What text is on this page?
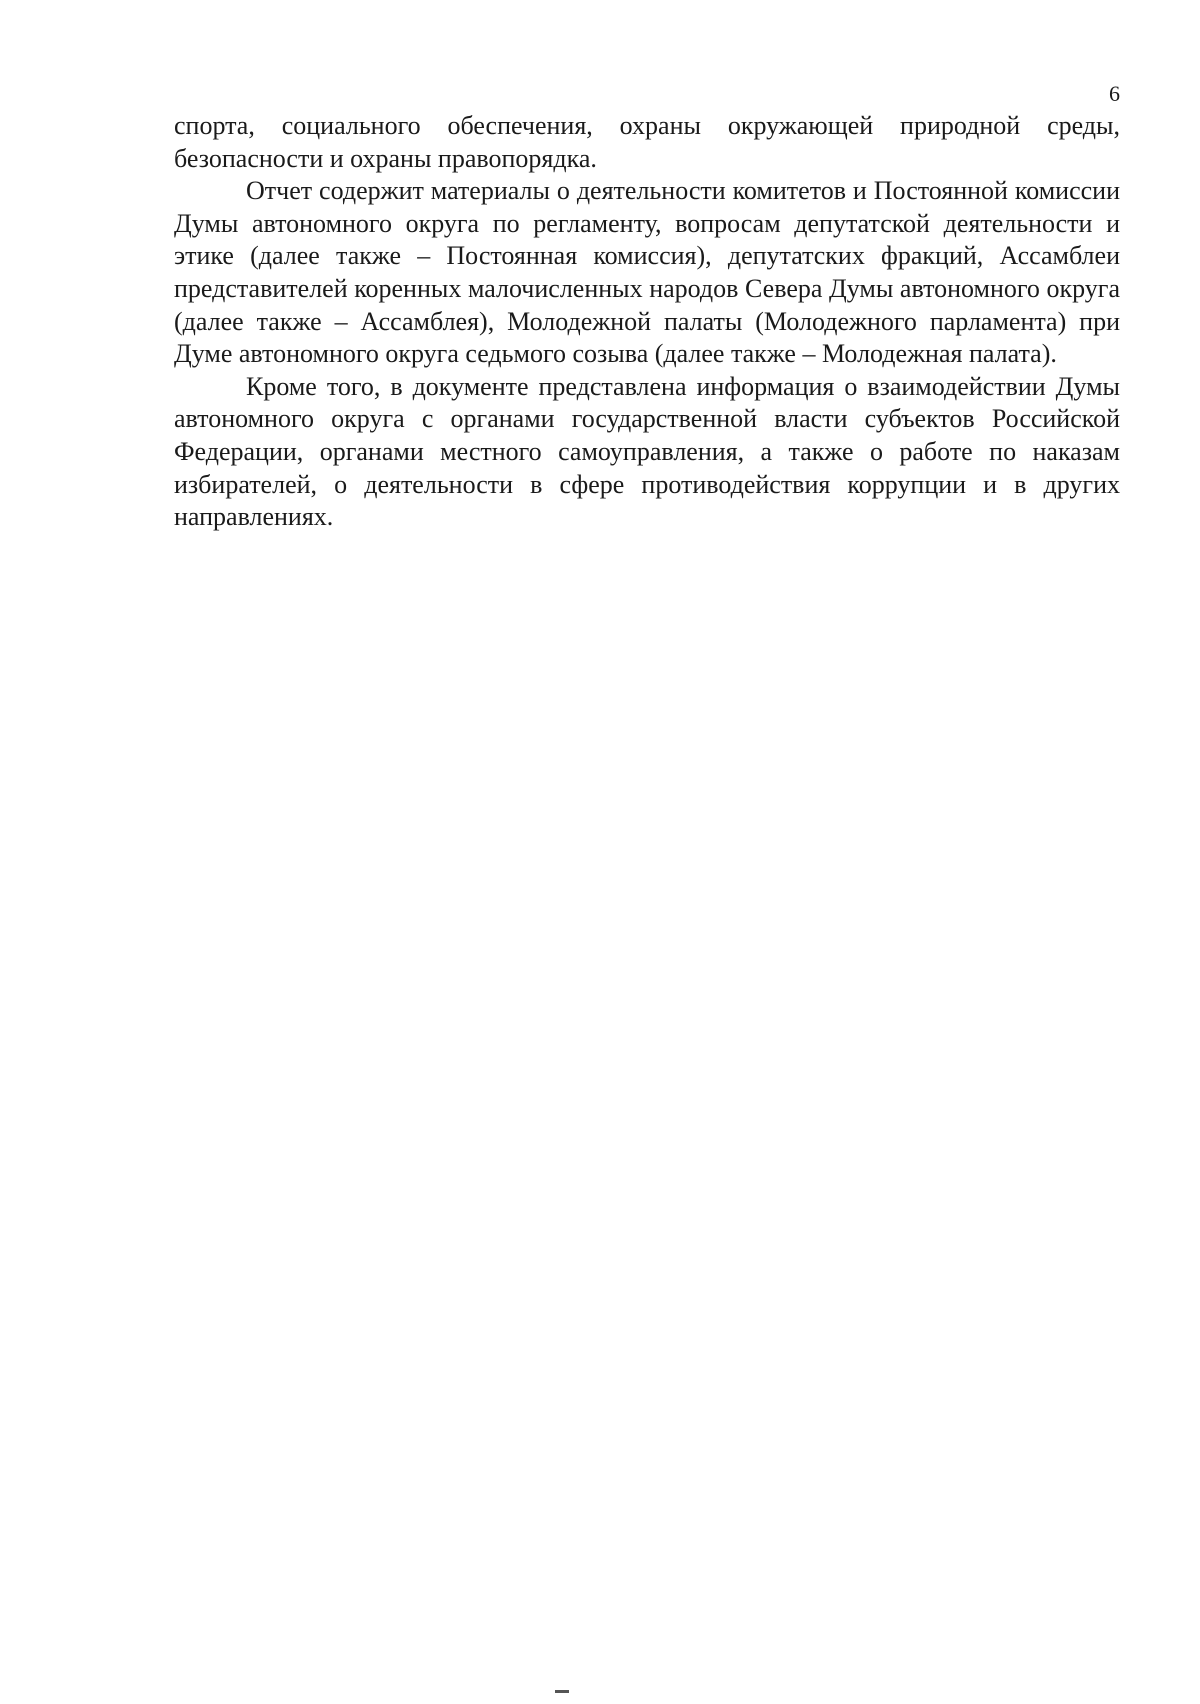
6

спорта, социального обеспечения, охраны окружающей природной среды, безопасности и охраны правопорядка.

Отчет содержит материалы о деятельности комитетов и Постоянной комиссии Думы автономного округа по регламенту, вопросам депутатской деятельности и этике (далее также – Постоянная комиссия), депутатских фракций, Ассамблеи представителей коренных малочисленных народов Севера Думы автономного округа (далее также – Ассамблея), Молодежной палаты (Молодежного парламента) при Думе автономного округа седьмого созыва (далее также – Молодежная палата).

Кроме того, в документе представлена информация о взаимодействии Думы автономного округа с органами государственной власти субъектов Российской Федерации, органами местного самоуправления, а также о работе по наказам избирателей, о деятельности в сфере противодействия коррупции и в других направлениях.
